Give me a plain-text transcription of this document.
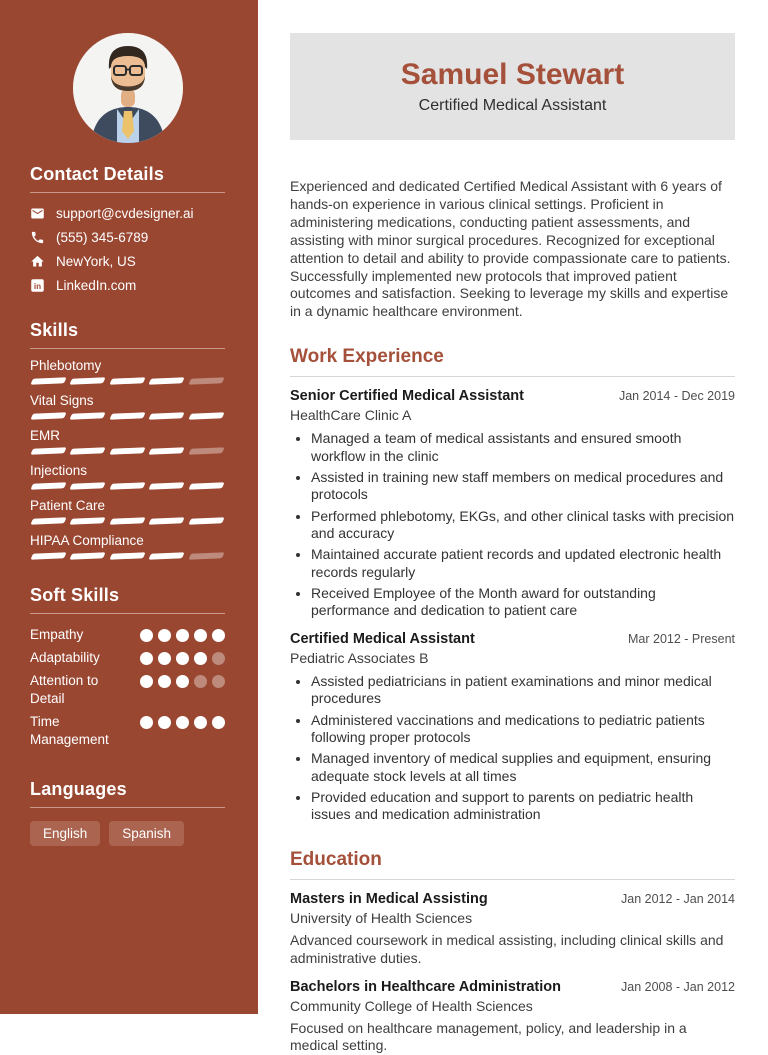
Contact Details
support@cvdesigner.ai
(555) 345-6789
NewYork, US
in LinkedIn.com
Skills
Phlebotomy
Vital Signs
EMR
Injections
Patient Care
HIPAA Compliance
Soft Skills
Empathy
Adaptability
Attention to Detail
Time Management
Languages
English	Spanish
Samuel Stewart
Certified Medical Assistant

Experienced and dedicated Certified Medical Assistant with 6 years of hands-on experience in various clinical settings. Proficient in administering medications, conducting patient assessments, and assisting with minor surgical procedures. Recognized for exceptional attention to detail and ability to provide compassionate care to patients. Successfully implemented new protocols that improved patient outcomes and satisfaction. Seeking to leverage my skills and expertise in a dynamic healthcare environment.

Work Experience
Senior Certified Medical Assistant	Jan 2014 - Dec 2019
HealthCare Clinic A
• Managed a team of medical assistants and ensured smooth workflow in the clinic
• Assisted in training new staff members on medical procedures and protocols
• Performed phlebotomy, EKGs, and other clinical tasks with precision and accuracy
• Maintained accurate patient records and updated electronic health records regularly
• Received Employee of the Month award for outstanding performance and dedication to patient care
Certified Medical Assistant	Mar 2012 - Present
Pediatric Associates B
• Assisted pediatricians in patient examinations and minor medical procedures
• Administered vaccinations and medications to pediatric patients following proper protocols
• Managed inventory of medical supplies and equipment, ensuring adequate stock levels at all times
• Provided education and support to parents on pediatric health issues and medication administration
Education
Masters in Medical Assisting	Jan 2012 - Jan 2014
University of Health Sciences
Advanced coursework in medical assisting, including clinical skills and administrative duties.
Bachelors in Healthcare Administration	Jan 2008 - Jan 2012
Community College of Health Sciences
Focused on healthcare management, policy, and leadership in a medical setting.
